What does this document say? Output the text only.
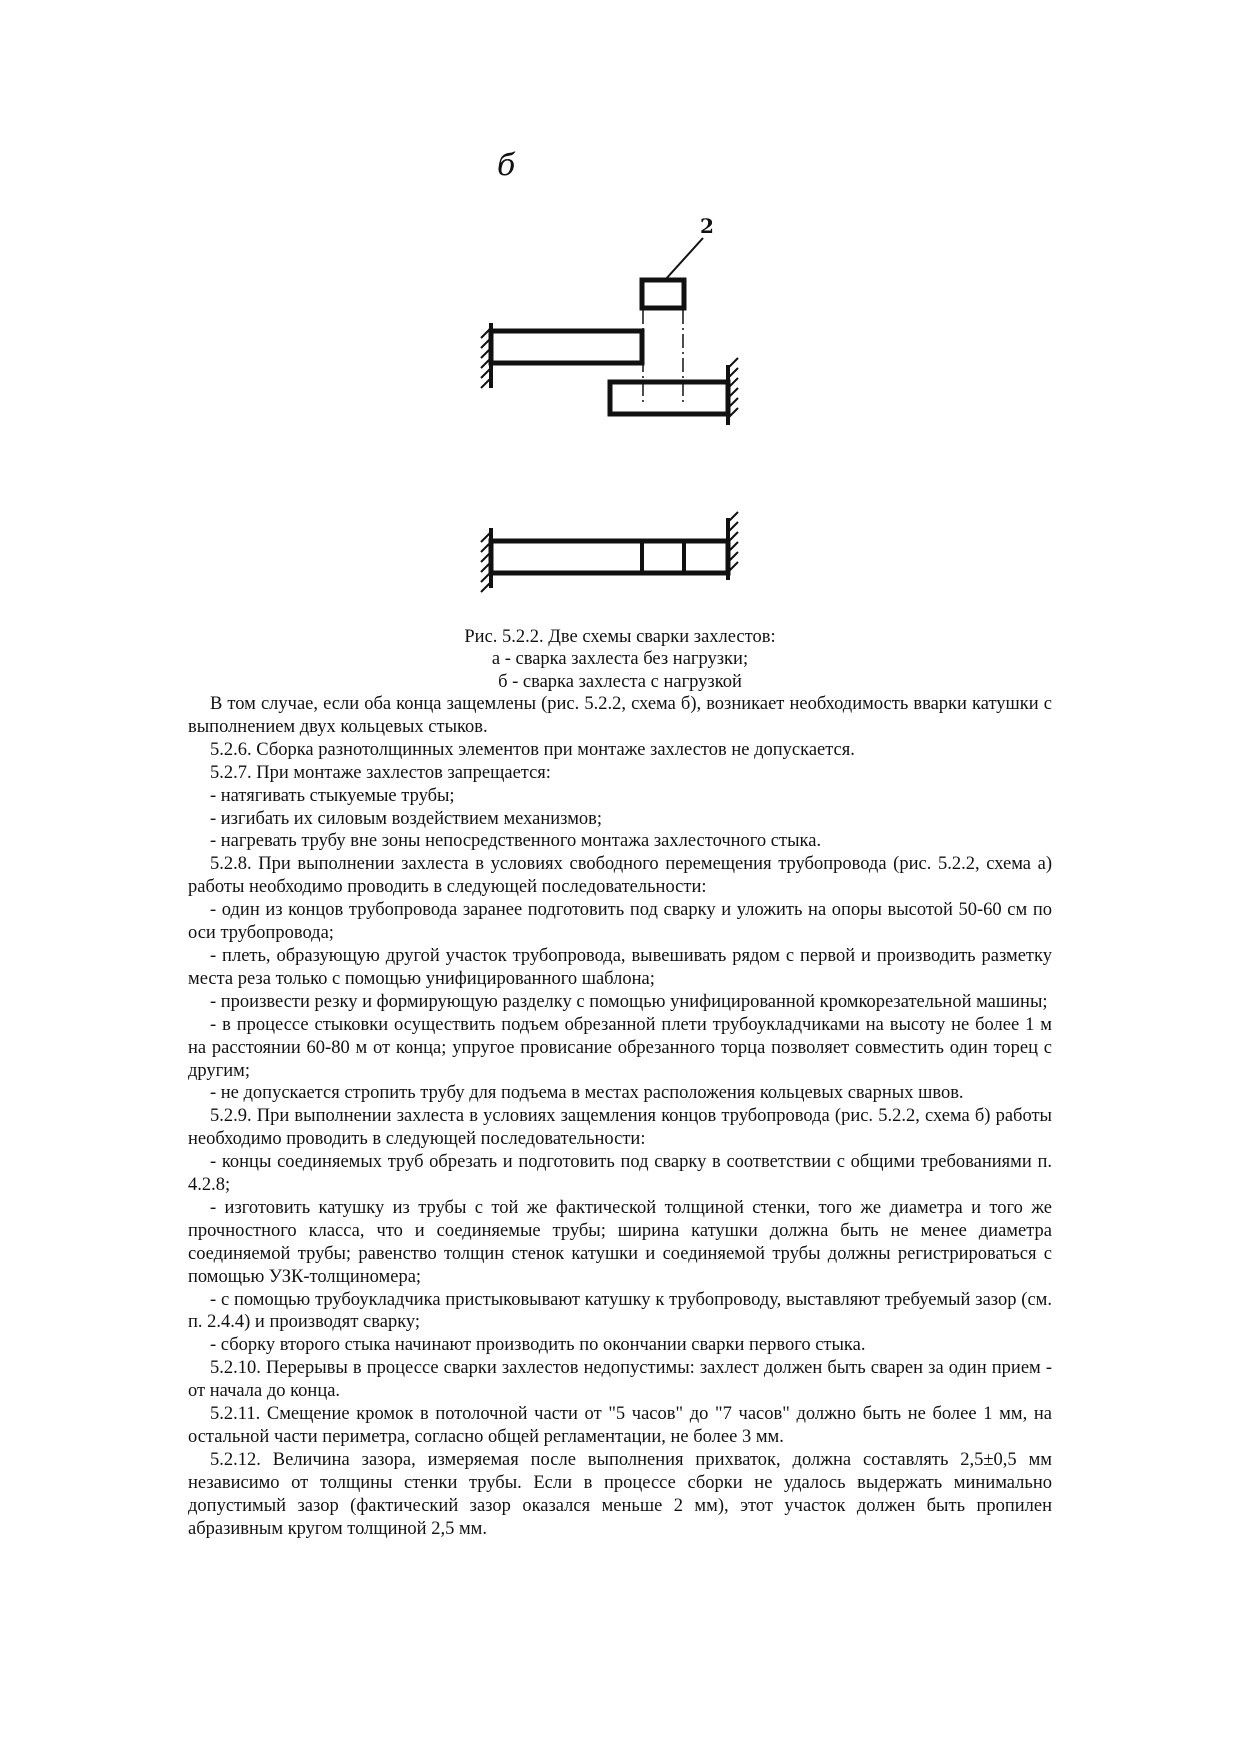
б
2
Рис. 5.2.2. Две схемы сварки захлестов:
а - сварка захлеста без нагрузки;
б - сварка захлеста с нагрузкой

В том случае, если оба конца защемлены (рис. 5.2.2, схема б), возникает необходимость вварки катушки с выполнением двух кольцевых стыков.

5.2.6. Сборка разнотолщинных элементов при монтаже захлестов не допускается.

5.2.7. При монтаже захлестов запрещается:

- натягивать стыкуемые трубы;

- изгибать их силовым воздействием механизмов;

- нагревать трубу вне зоны непосредственного монтажа захлесточного стыка.

5.2.8. При выполнении захлеста в условиях свободного перемещения трубопровода (рис. 5.2.2, схема а) работы необходимо проводить в следующей последовательности:

- один из концов трубопровода заранее подготовить под сварку и уложить на опоры высотой 50-60 см по оси трубопровода;

- плеть, образующую другой участок трубопровода, вывешивать рядом с первой и производить разметку места реза только с помощью унифицированного шаблона;

- произвести резку и формирующую разделку с помощью унифицированной кромкорезательной машины;

- в процессе стыковки осуществить подъем обрезанной плети трубоукладчиками на высоту не более 1 м на расстоянии 60-80 м от конца; упругое провисание обрезанного торца позволяет совместить один торец с другим;

- не допускается стропить трубу для подъема в местах расположения кольцевых сварных швов.

5.2.9. При выполнении захлеста в условиях защемления концов трубопровода (рис. 5.2.2, схема б) работы необходимо проводить в следующей последовательности:

- концы соединяемых труб обрезать и подготовить под сварку в соответствии с общими требованиями п. 4.2.8;

- изготовить катушку из трубы с той же фактической толщиной стенки, того же диаметра и того же прочностного класса, что и соединяемые трубы; ширина катушки должна быть не менее диаметра соединяемой трубы; равенство толщин стенок катушки и соединяемой трубы должны регистрироваться с помощью УЗК-толщиномера;

- с помощью трубоукладчика пристыковывают катушку к трубопроводу, выставляют требуемый зазор (см. п. 2.4.4) и производят сварку;

- сборку второго стыка начинают производить по окончании сварки первого стыка.

5.2.10. Перерывы в процессе сварки захлестов недопустимы: захлест должен быть сварен за один прием - от начала до конца.

5.2.11. Смещение кромок в потолочной части от "5 часов" до "7 часов" должно быть не более 1 мм, на остальной части периметра, согласно общей регламентации, не более 3 мм.

5.2.12. Величина зазора, измеряемая после выполнения прихваток, должна составлять 2,5±0,5 мм независимо от толщины стенки трубы. Если в процессе сборки не удалось выдержать минимально допустимый зазор (фактический зазор оказался меньше 2 мм), этот участок должен быть пропилен абразивным кругом толщиной 2,5 мм.
